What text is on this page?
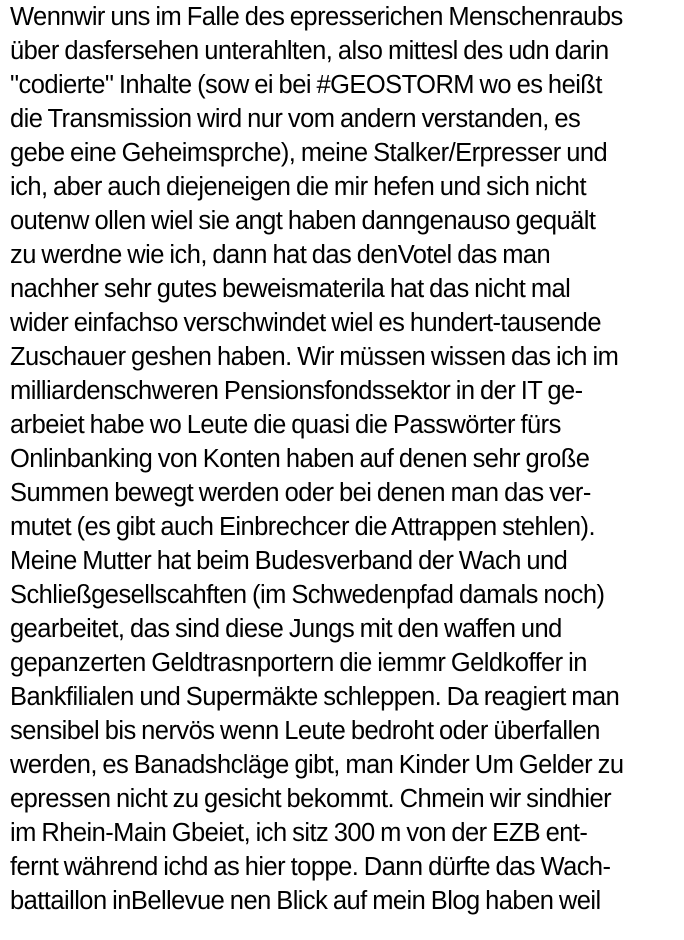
Wennwir uns im Falle des epresserichen Menschenraubs
über dasfersehen unterahlten, also mittesl des udn darin
"codierte" Inhalte (sow ei bei #GEOSTORM wo es heißt
die Transmission wird nur vom andern verstanden, es
gebe eine Geheimsprche), meine Stalker/Erpresser und
ich, aber auch diejeneigen die mir hefen und sich nicht
outenw ollen wiel sie angt haben danngenauso gequält
zu werdne wie ich, dann hat das denVotel das man
nachher sehr gutes beweismaterila hat das nicht mal
wider einfachso verschwindet wiel es hundert-tausende
Zuschauer geshen haben. Wir müssen wissen das ich im
milliardenschweren Pensionsfondssektor in der IT ge-
arbeiet habe wo Leute die quasi die Passwörter fürs
Onlinbanking von Konten haben auf denen sehr große
Summen bewegt werden oder bei denen man das ver-
mutet (es gibt auch Einbrechcer die Attrappen stehlen).
Meine Mutter hat beim Budesverband der Wach und
Schließgesellscahften (im Schwedenpfad damals noch)
gearbeitet, das sind diese Jungs mit den waffen und
gepanzerten Geldtrasnportern die iemmr Geldkoffer in
Bankfilialen und Supermäkte schleppen. Da reagiert man
sensibel bis nervös wenn Leute bedroht oder überfallen
werden, es Banadshcläge gibt, man Kinder Um Gelder zu
epressen nicht zu gesicht bekommt. Chmein wir sindhier
im Rhein-Main Gbeiet, ich sitz 300 m von der EZB ent-
fernt während ichd as hier toppe. Dann dürfte das Wach-
battaillon inBellevue nen Blick auf mein Blog haben weil
